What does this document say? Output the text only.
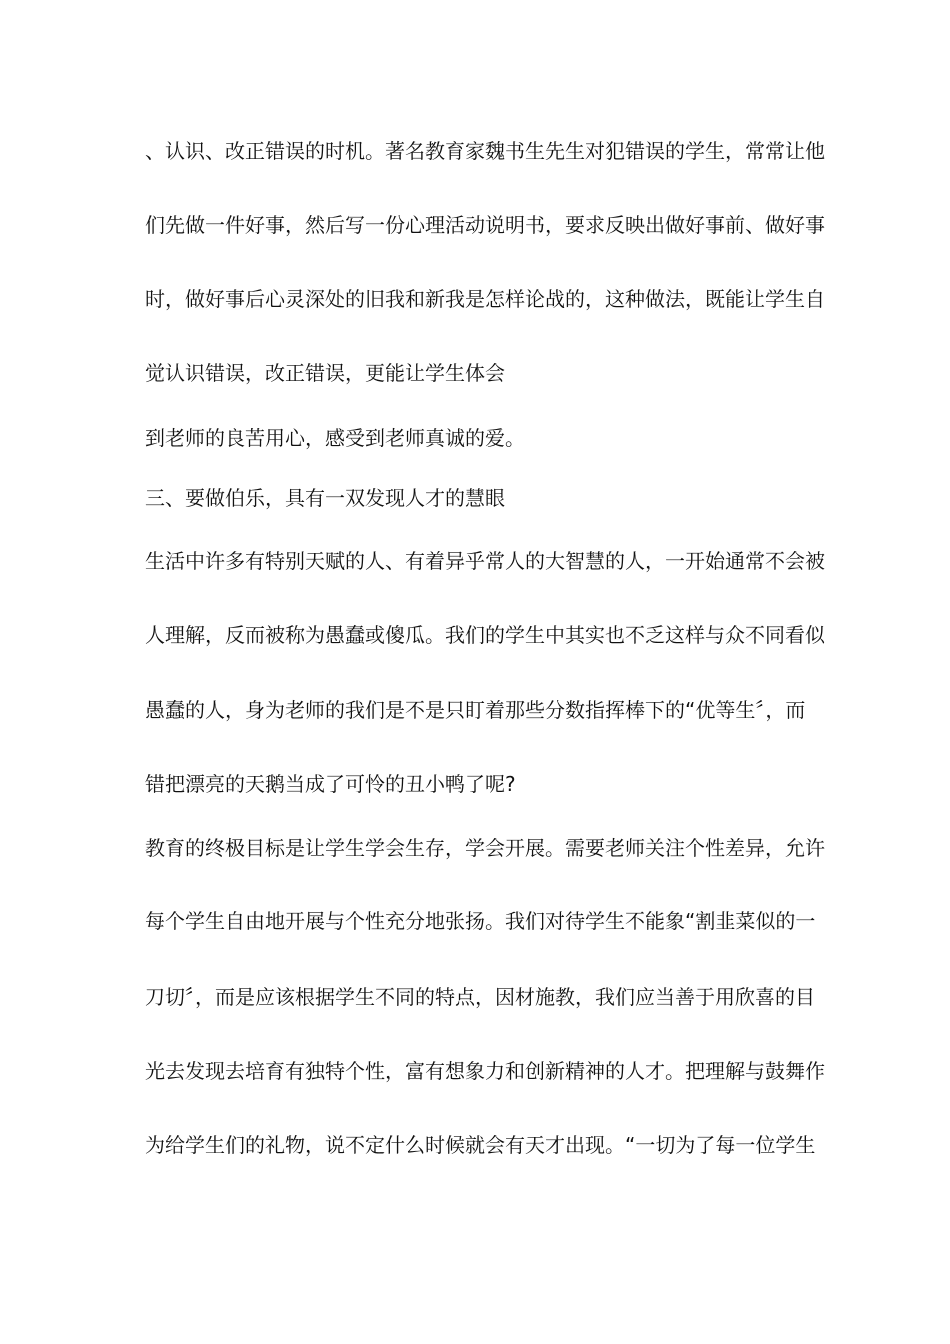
、认识、改正错误的时机。著名教育家魏书生先生对犯错误的学生，常常让他
们先做一件好事，然后写一份心理活动说明书，要求反映出做好事前、做好事
时，做好事后心灵深处的旧我和新我是怎样论战的，这种做法，既能让学生自
觉认识错误，改正错误，更能让学生体会
到老师的良苦用心，感受到老师真诚的爱。
三、要做伯乐，具有一双发现人才的慧眼
生活中许多有特别天赋的人、有着异乎常人的大智慧的人，一开始通常不会被
人理解，反而被称为愚蠢或傻瓜。我们的学生中其实也不乏这样与众不同看似
愚蠢的人，身为老师的我们是不是只盯着那些分数指挥棒下的“优等生〞，而
错把漂亮的天鹅当成了可怜的丑小鸭了呢?
教育的终极目标是让学生学会生存，学会开展。需要老师关注个性差异，允许
每个学生自由地开展与个性充分地张扬。我们对待学生不能象“割韭菜似的一
刀切〞，而是应该根据学生不同的特点，因材施教，我们应当善于用欣喜的目
光去发现去培育有独特个性，富有想象力和创新精神的人才。把理解与鼓舞作
为给学生们的礼物，说不定什么时候就会有天才出现。“一切为了每一位学生
